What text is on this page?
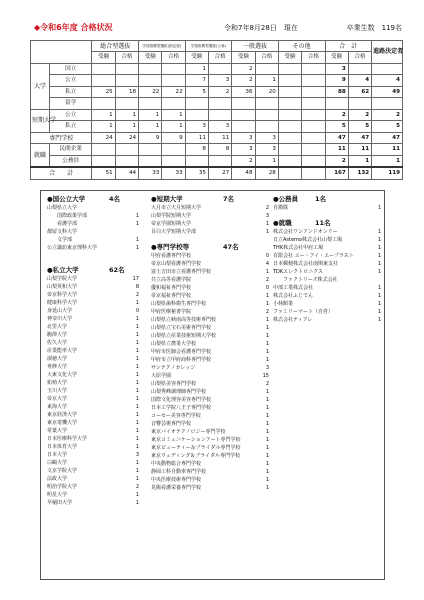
◆令和6年度 合格状況	令和7年8月28日　現在	卒業生数　119名
		総合型選抜		学校推薦型選抜(指定校)		学校推薦型選抜(公募)		一般選抜		その他		合　計		進路決定者
		受験	合格	受験	合格	受験	合格	受験	合格	受験	合格	受験	合格	
大学	国立					1		2				3		
	公立					7	3	2	1			9	4	4
	私立	25	18	22	22	5	2	36	20			88	62	49
	留学													
短期大学	公立	1	1	1	1							2	2	2
	私立	1	1	1	1	3	3					5	5	5
専門学校		24	24	9	9	11	11	3	3			47	47	47
就職	民間企業					8	8	3	3			11	11	11
	公務員							2	1			2	1	1
合　　計		51	44	33	33	35	27	48	28			167	132	119
●国公立大学	4名
山梨県立大学
国際政策学部	1
看護学部	1
都留文科大学
文学部	1
公立諏訪東京理科大学	1
●私立大学	62名
山梨学院大学	17
山梨英和大学	8
帝京科学大学	2
健康科学大学	1
身延山大学	0
神奈川大学	1
北里大学	1
駒澤大学	1
佐久大学	1
産業能率大学	1
淑徳大学	1
専修大学	1
大東文化大学	1
拓殖大学	1
玉川大学	1
帝京大学	1
東海大学	1
東京経済大学	1
東京電機大学	1
常葉大学	1
日本医療科学大学	1
日本体育大学	1
日本大学	3
白鷗大学	1
文京学院大学	1
法政大学	1
明治学院大学	2
明星大学	1
早稲田大学	1
●短期大学	7名
大月市立大月短期大学	2
山梨学院短期大学	3
帝京学園短期大学	1
目白大学短期大学部	1
●専門学校等	47名
甲府看護専門学校	0
帝京山梨看護専門学校	4
富士吉田市立看護専門学校	1
共立高等看護学院	2
優和福祉専門学校	0
帝京福祉専門学校	1
山梨県歯科衛生専門学校	1
甲府医療秘書学院	2
山梨県立峡南高等技術専門校	1
山梨県立宝石美術専門学校	1
山梨県立産業技術短期大学校	1
山梨県立農業大学校	1
甲府市医師会看護専門学校	1
甲府市立甲府商科専門学校	1
サンテクノカレッジ	3
大原学園	15
山梨県美容専門学校	2
山梨秀峰調理師専門学校	1
国際文化理容美容専門学校	1
日本工学院八王子専門学校	1
コーセー美容専門学校	1
音響芸術専門学校	1
東京バイオテクノロジー専門学校	1
東京コミュニケーションアート専門学校	1
東京ビューティー＆ブライダル専門学校	1
東京ウェディング＆ブライダル専門学校	1
中央動物総合専門学校	1
静岡工科自動車専門学校	1
中央医療技術専門学校	1
晃陽看護栄養専門学校	1
●公務員	1名
自衛隊	1
●就職	11名
株式会社ワンアンドオンリー	1
日立Astemo株式会社山梨工場	1
THK株式会社甲府工場	1
有限会社 エー・アイ・エープラスト	1
日本郵便株式会社南関東支社	1
TDKエレクトロニクス	1
ファクトリーズ株式会社
中部工業株式会社	1
株式会社ふじでん	1
小林館業	1
ファミリーマート（自営）	1
株式会社ティアレ	1
